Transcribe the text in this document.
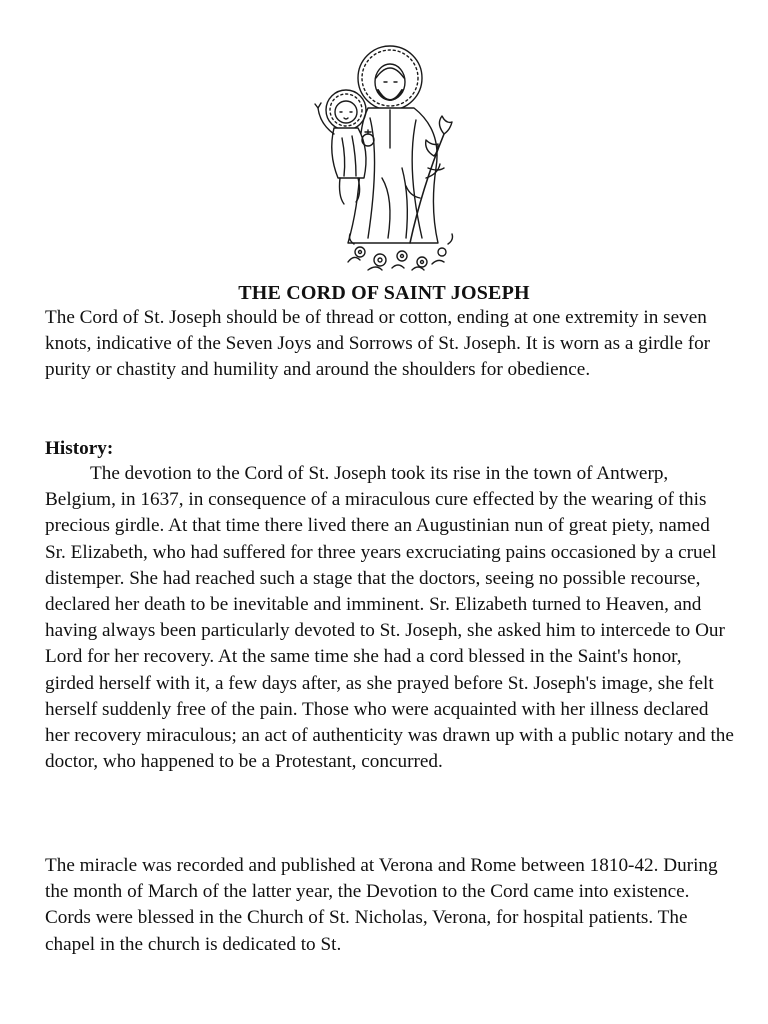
THE CORD OF SAINT JOSEPH

The Cord of St. Joseph should be of thread or cotton, ending at one extremity in seven knots, indicative of the Seven Joys and Sorrows of St. Joseph. It is worn as a girdle for purity or chastity and humility and around the shoulders for obedience.

History:

The devotion to the Cord of St. Joseph took its rise in the town of Antwerp, Belgium, in 1637, in consequence of a miraculous cure effected by the wearing of this precious girdle. At that time there lived there an Augustinian nun of great piety, named Sr. Elizabeth, who had suffered for three years excruciating pains occasioned by a cruel distemper. She had reached such a stage that the doctors, seeing no possible recourse, declared her death to be inevitable and imminent. Sr. Elizabeth turned to Heaven, and having always been particularly devoted to St. Joseph, she asked him to intercede to Our Lord for her recovery. At the same time she had a cord blessed in the Saint's honor, girded herself with it, a few days after, as she prayed before St. Joseph's image, she felt herself suddenly free of the pain. Those who were acquainted with her illness declared her recovery miraculous; an act of authenticity was drawn up with a public notary and the doctor, who happened to be a Protestant, concurred.

The miracle was recorded and published at Verona and Rome between 1810-42. During the month of March of the latter year, the Devotion to the Cord came into existence. Cords were blessed in the Church of St. Nicholas, Verona, for hospital patients. The chapel in the church is dedicated to St.
